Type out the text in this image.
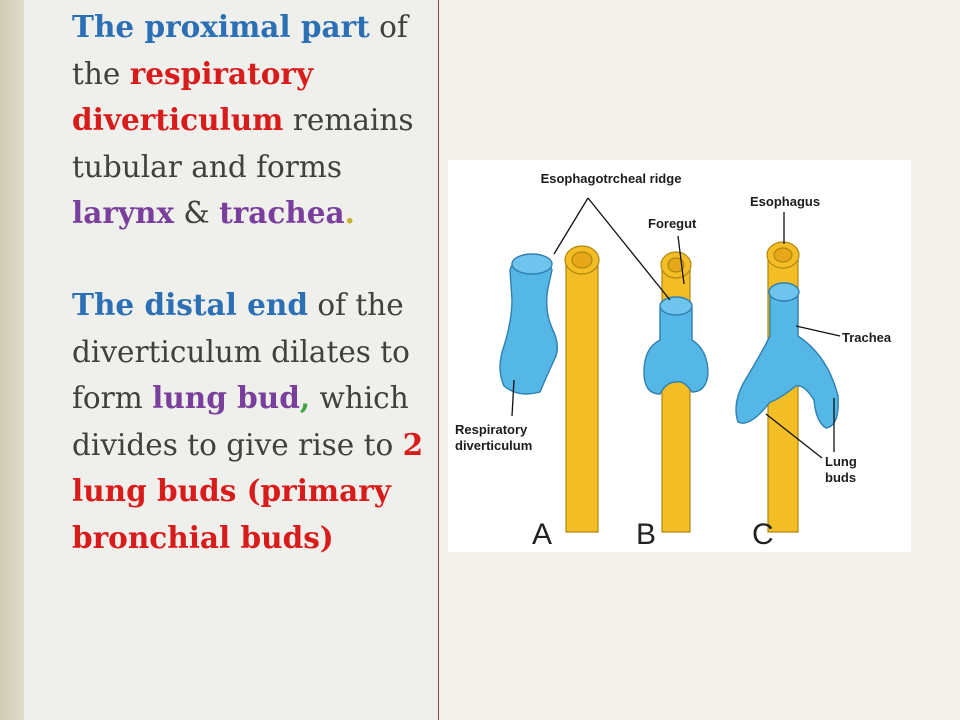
The proximal part of the respiratory diverticulum remains tubular and forms larynx & trachea.

The distal end of the diverticulum dilates to form lung bud, which divides to give rise to 2 lung buds (primary bronchial buds)

Esophagotrcheal ridge
Foregut
Esophagus
Trachea
Respiratory diverticulum
Lung buds
A	B	C
